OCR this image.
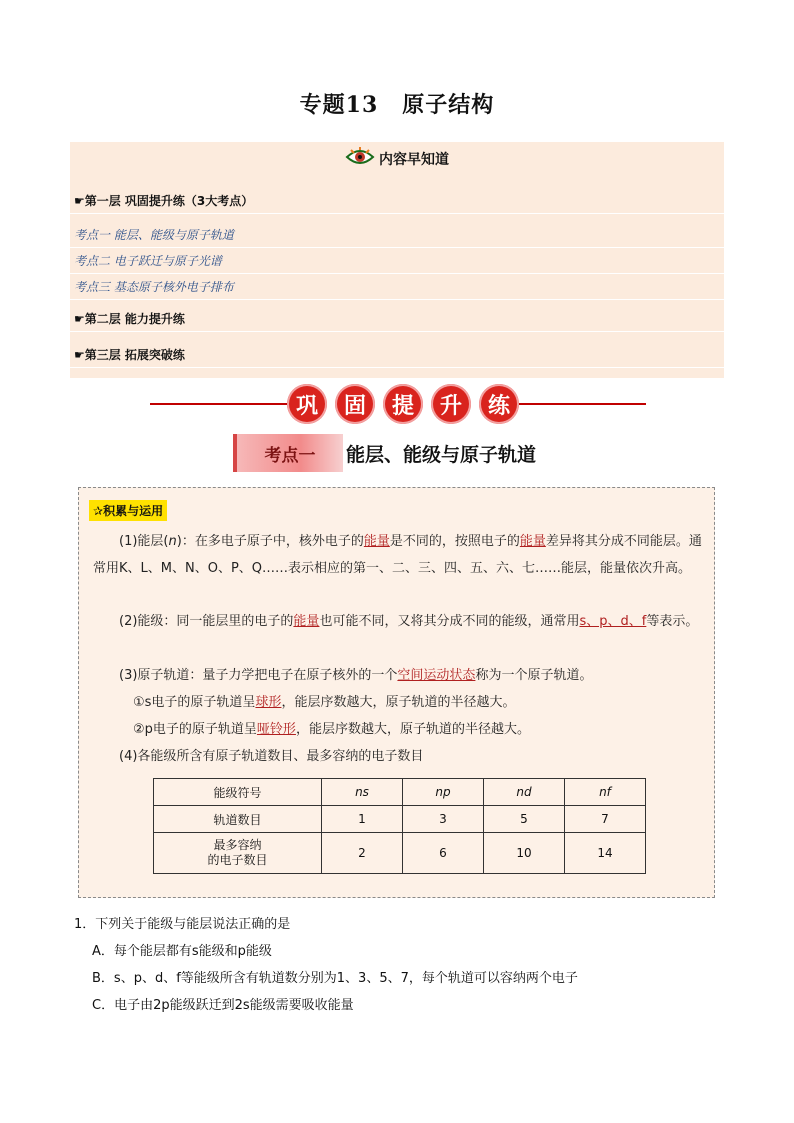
专题13 原子结构
内容早知道
☛第一层 巩固提升练（3大考点）
考点一 能层、能级与原子轨道
考点二 电子跃迁与原子光谱
考点三 基态原子核外电子排布
☛第二层 能力提升练
☛第三层 拓展突破练
巩	固	提	升	练
考点一	能层、能级与原子轨道
✰积累与运用
(1)能层(n)：在多电子原子中，核外电子的能量是不同的，按照电子的能量差异将其分成不同能层。通常用K、L、M、N、O、P、Q……表示相应的第一、二、三、四、五、六、七……能层，能量依次升高。
(2)能级：同一能层里的电子的能量也可能不同，又将其分成不同的能级，通常用s、p、d、f等表示。
(3)原子轨道：量子力学把电子在原子核外的一个空间运动状态称为一个原子轨道。
①s电子的原子轨道呈球形，能层序数越大，原子轨道的半径越大。
②p电子的原子轨道呈哑铃形，能层序数越大，原子轨道的半径越大。
(4)各能级所含有原子轨道数目、最多容纳的电子数目
能级符号	ns	np	nd	nf
轨道数目	1	3	5	7
最多容纳
的电子数目	2	6	10	14
1．下列关于能级与能层说法正确的是
A．每个能层都有s能级和p能级
B．s、p、d、f等能级所含有轨道数分别为1、3、5、7，每个轨道可以容纳两个电子
C．电子由2p能级跃迁到2s能级需要吸收能量
